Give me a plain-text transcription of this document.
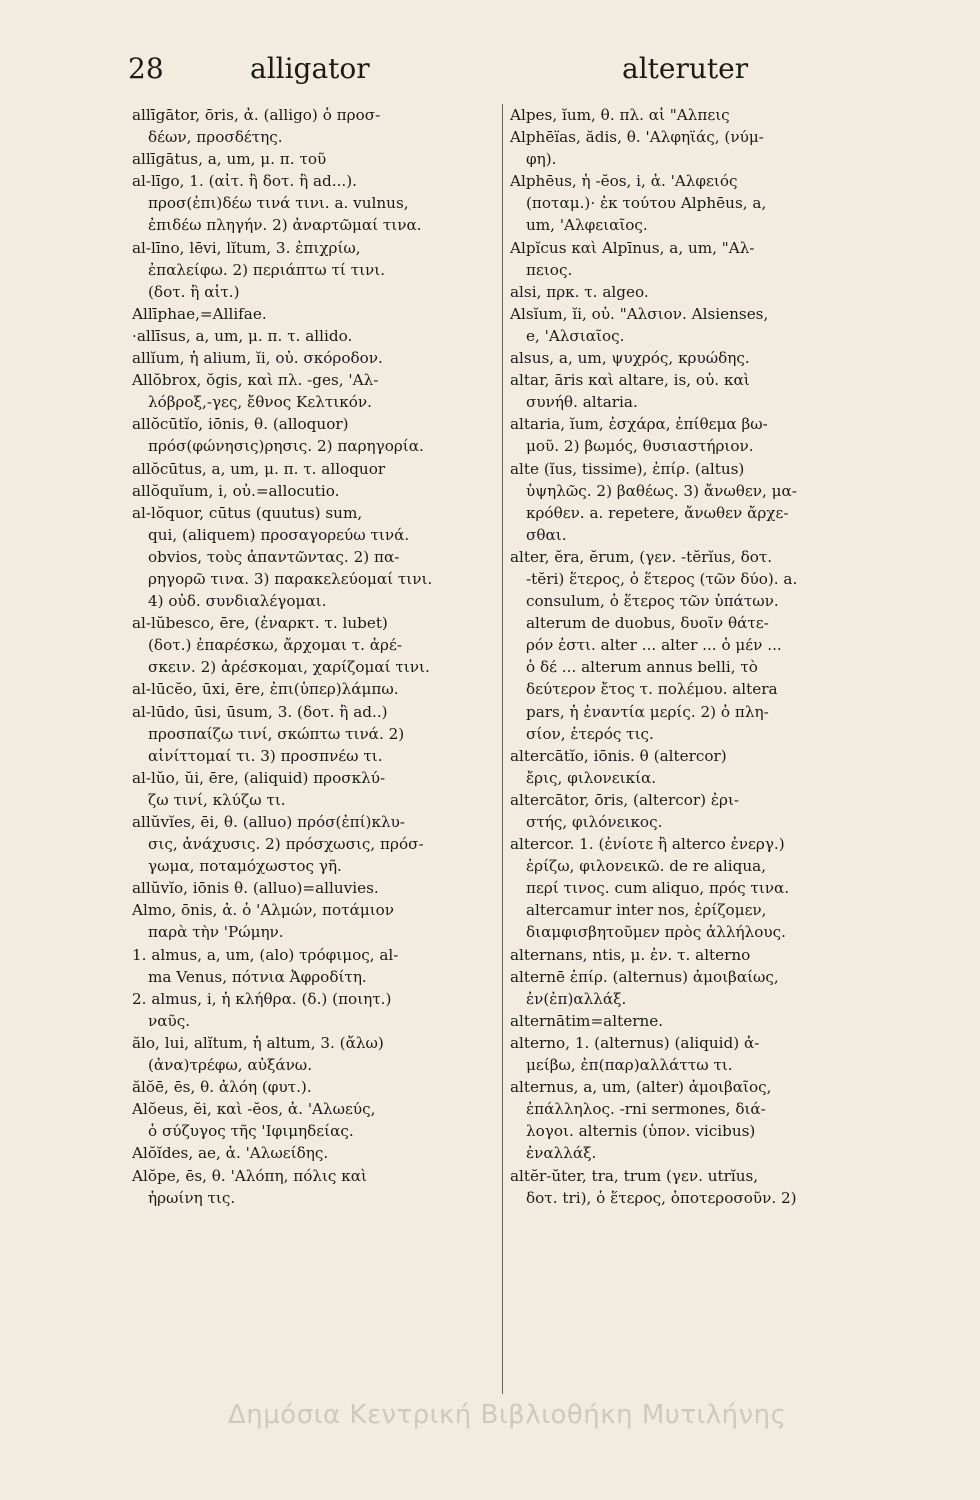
28	alligator	alteruter
allīgātor, ōris, ἀ. (alligo) ὁ προσ-
δέων, προσδέτης.
allīgātus, a, um, μ. π. τοῦ
al-līgo, 1. (αἰτ. ἢ δοτ. ἢ ad...).
προσ(ἐπι)δέω τινά τινι. a. vulnus,
ἐπιδέω πληγήν. 2) ἀναρτῶμαί τινα.
al-līno, lēvi, lĭtum, 3. ἐπιχρίω,
ἐπαλείφω. 2) περιάπτω τί τινι.
(δοτ. ἢ αἰτ.)
Allīphae,=Allifae.
·allīsus, a, um, μ. π. τ. allido.
allĭum, ἡ alium, ĭi, οὐ. σκόροδον.
Allŏbrox, ŏgis, καὶ πλ. -ges, 'Αλ-
λόβροξ,-γες, ἔθνος Κελτικόν.
allŏcūtĭo, iōnis, θ. (alloquor)
πρόσ(φώνησις)ρησις. 2) παρηγορία.
allŏcūtus, a, um, μ. π. τ. alloquor
allŏquĭum, i, οὐ.=allocutio.
al-lŏquor, cūtus (quutus) sum,
qui, (aliquem) προσαγορεύω τινά.
obvios, τοὺς ἀπαντῶντας. 2) πα-
ρηγορῶ τινα. 3) παρακελεύομαί τινι.
4) οὐδ. συνδιαλέγομαι.
al-lŭbesco, ēre, (ἐναρκτ. τ. lubet)
(δοτ.) ἐπαρέσκω, ἄρχομαι τ. ἀρέ-
σκειν. 2) ἀρέσκομαι, χαρίζομαί τινι.
al-lūcĕo, ūxi, ēre, ἐπι(ὑπερ)λάμπω.
al-lūdo, ūsi, ūsum, 3. (δοτ. ἢ ad..)
προσπαίζω τινί, σκώπτω τινά. 2)
αἰνίττομαί τι. 3) προσπνέω τι.
al-lŭo, ŭi, ēre, (aliquid) προσκλύ-
ζω τινί, κλύζω τι.
allŭvĭes, ēi, θ. (alluo) πρόσ(ἐπί)κλυ-
σις, ἀνάχυσις. 2) πρόσχωσις, πρόσ-
γωμα, ποταμόχωστος γῆ.
allŭvĭo, iōnis θ. (alluo)=alluvies.
Almo, ōnis, ἀ. ὁ 'Αλμών, ποτάμιον
παρὰ τὴν 'Ρώμην.
1. almus, a, um, (alo) τρόφιμος, al-
ma Venus, πότνια Ἀφροδίτη.
2. almus, i, ἡ κλήθρα. (δ.) (ποιητ.)
ναῦς.
ălo, lui, alĭtum, ἡ altum, 3. (ἄλω)
(ἀνα)τρέφω, αὐξάνω.
ălŏē, ēs, θ. ἀλόη (φυτ.).
Alŏeus, ĕi, καὶ -ĕos, ἀ. 'Αλωεύς,
ὁ σύζυγος τῆς 'Ιφιμηδείας.
Alŏĭdes, ae, ἀ. 'Αλωείδης.
Alŏpe, ēs, θ. 'Αλόπη, πόλις καὶ
ἡρωίνη τις.
Alpes, ĭum, θ. πλ. αἱ "Αλπεις
Alphēïas, ădis, θ. 'Αλφηϊάς, (νύμ-
φη).
Alphēus, ἡ -ĕos, i, ἀ. 'Αλφειός
(ποταμ.)· ἐκ τούτου Alphēus, a,
um, 'Αλφειαῖος.
Alpĭcus καὶ Alpīnus, a, um, "Αλ-
πειος.
alsi, πρκ. τ. algeo.
Alsĭum, ĭi, οὐ. "Αλσιον. Alsienses,
e, 'Αλσιαῖος.
alsus, a, um, ψυχρός, κρυώδης.
altar, āris καὶ altare, is, οὐ. καὶ
συνήθ. altaria.
altaria, ĭum, ἐσχάρα, ἐπίθεμα βω-
μοῦ. 2) βωμός, θυσιαστήριον.
alte (ĭus, tissime), ἐπίρ. (altus)
ὑψηλῶς. 2) βαθέως. 3) ἄνωθεν, μα-
κρόθεν. a. repetere, ἄνωθεν ἄρχε-
σθαι.
alter, ĕra, ĕrum, (γεν. -tĕrĭus, δοτ.
-tĕri) ἕτερος, ὁ ἕτερος (τῶν δύο). a.
consulum, ὁ ἕτερος τῶν ὑπάτων.
alterum de duobus, δυοῖν θάτε-
ρόν ἐστι. alter ... alter ... ὁ μέν ...
ὁ δέ ... alterum annus belli, τὸ
δεύτερον ἔτος τ. πολέμου. altera
pars, ἡ ἐναντία μερίς. 2) ὁ πλη-
σίον, ἑτερός τις.
altercātĭo, iōnis. θ (altercor)
ἔρις, φιλονεικία.
altercātor, ōris, (altercor) ἐρι-
στής, φιλόνεικος.
altercor. 1. (ἐνίοτε ἢ alterco ἐνεργ.)
ἐρίζω, φιλονεικῶ. de re aliqua,
περί τινος. cum aliquo, πρός τινα.
altercamur inter nos, ἐρίζομεν,
διαμφισβητοῦμεν πρὸς ἀλλήλους.
alternans, ntis, μ. ἐν. τ. alterno
alternē ἐπίρ. (alternus) ἀμοιβαίως,
ἐν(ἐπ)αλλάξ.
alternātim=alterne.
alterno, 1. (alternus) (aliquid) ἀ-
μείβω, ἐπ(παρ)αλλάττω τι.
alternus, a, um, (alter) ἀμοιβαῖος,
ἐπάλληλος. -rni sermones, διά-
λογοι. alternis (ὑπον. vicibus)
ἐναλλάξ.
altĕr-ŭter, tra, trum (γεν. utrĭus,
δοτ. tri), ὁ ἕτερος, ὁποτεροσοῦν. 2)
Δημόσια Κεντρική Βιβλιοθήκη Μυτιλήνης
